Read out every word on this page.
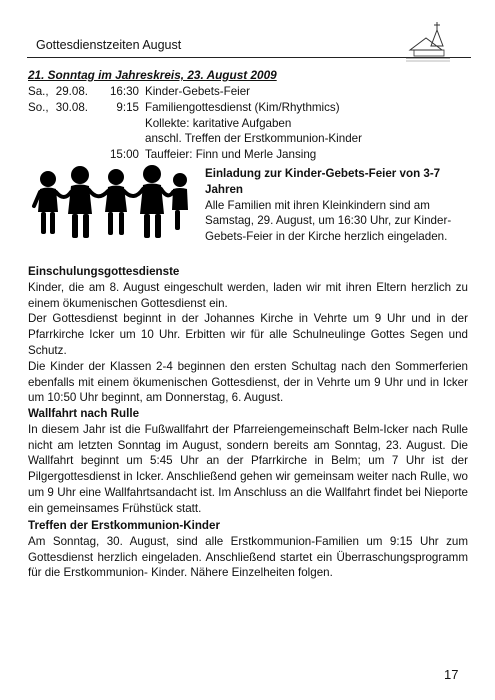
Gottesdienstzeiten August
21. Sonntag im Jahreskreis, 23. August 2009
Sa., 29.08.	16:30 Kinder-Gebets-Feier
So., 30.08.	9:15 Familiengottesdienst (Kim/Rhythmics)
Kollekte: karitative Aufgaben
anschl. Treffen der Erstkommunion-Kinder
15:00 Tauffeier: Finn und Merle Jansing
Einladung zur Kinder-Gebets-Feier von 3-7 Jahren
Alle Familien mit ihren Kleinkindern sind am Samstag, 29. August, um 16:30 Uhr, zur Kinder-Gebets-Feier in der Kirche herzlich eingeladen.
Einschulungsgottesdienste
Kinder, die am 8. August eingeschult werden, laden wir mit ihren Eltern herzlich zu einem ökumenischen Gottesdienst ein.
Der Gottesdienst beginnt in der Johannes Kirche in Vehrte um 9 Uhr und in der Pfarrkirche Icker um 10 Uhr. Erbitten wir für alle Schulneulinge Gottes Segen und Schutz.
Die Kinder der Klassen 2-4 beginnen den ersten Schultag nach den Sommerferien ebenfalls mit einem ökumenischen Gottesdienst, der in Vehrte um 9 Uhr und in Icker um 10:50 Uhr beginnt, am Donnerstag, 6. August.
Wallfahrt nach Rulle
In diesem Jahr ist die Fußwallfahrt der Pfarreiengemeinschaft Belm-Icker nach Rulle nicht am letzten Sonntag im August, sondern bereits am Sonntag, 23. August. Die Wallfahrt beginnt um 5:45 Uhr an der Pfarrkirche in Belm; um 7 Uhr ist der Pilgergottesdienst in Icker. Anschließend gehen wir gemeinsam weiter nach Rulle, wo um 9 Uhr eine Wallfahrtsandacht ist. Im Anschluss an die Wallfahrt findet bei Nieporte ein gemeinsames Frühstück statt.
Treffen der Erstkommunion-Kinder
Am Sonntag, 30. August, sind alle Erstkommunion-Familien um 9:15 Uhr zum Gottesdienst herzlich eingeladen. Anschließend startet ein Überraschungsprogramm für die Erstkommunion- Kinder. Nähere Einzelheiten folgen.
17
